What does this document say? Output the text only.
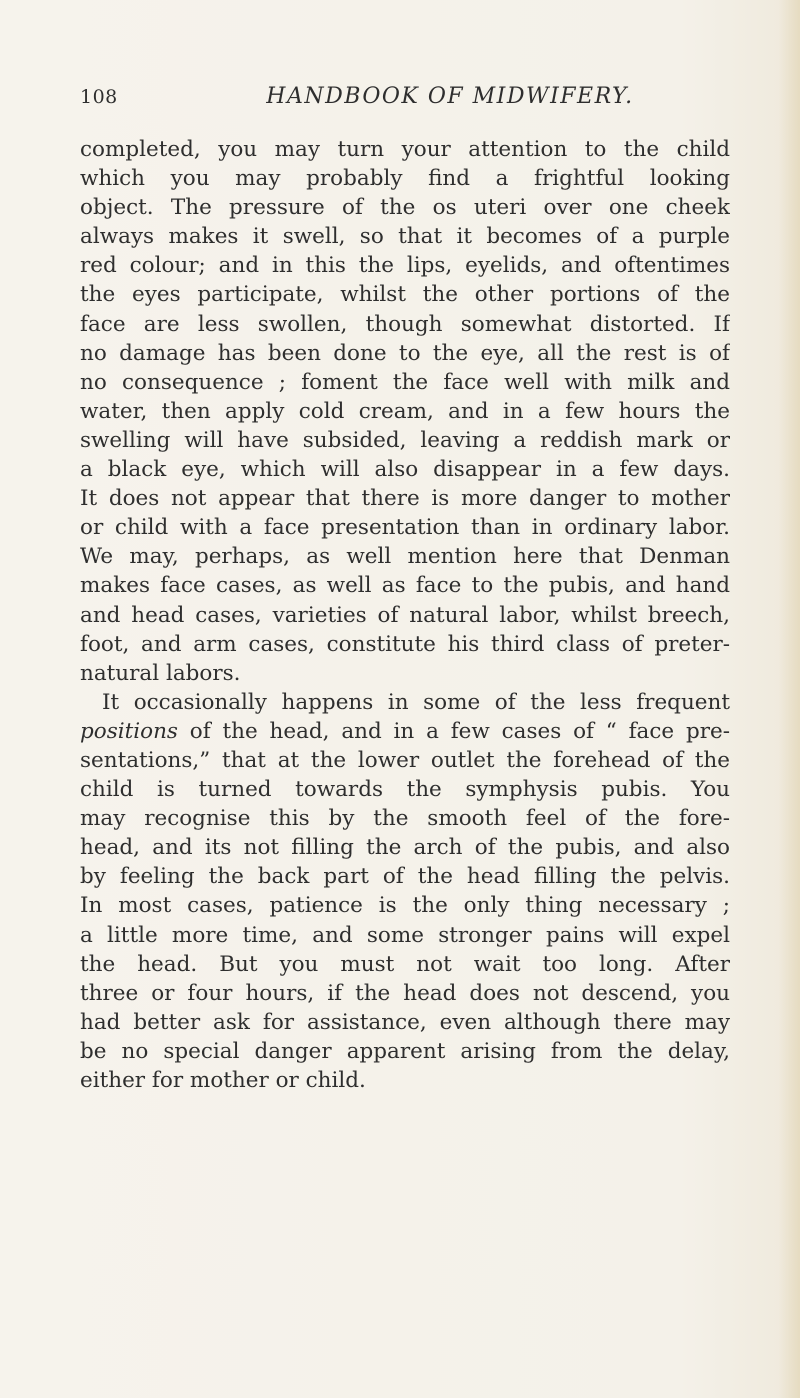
108	HANDBOOK OF MIDWIFERY.
completed, you may turn your attention to the child
which you may probably find a frightful looking
object. The pressure of the os uteri over one cheek
always makes it swell, so that it becomes of a purple
red colour; and in this the lips, eyelids, and oftentimes
the eyes participate, whilst the other portions of the
face are less swollen, though somewhat distorted. If
no damage has been done to the eye, all the rest is of
no consequence ; foment the face well with milk and
water, then apply cold cream, and in a few hours the
swelling will have subsided, leaving a reddish mark or
a black eye, which will also disappear in a few days.
It does not appear that there is more danger to mother
or child with a face presentation than in ordinary labor.
We may, perhaps, as well mention here that Denman
makes face cases, as well as face to the pubis, and hand
and head cases, varieties of natural labor, whilst breech,
foot, and arm cases, constitute his third class of preter-
natural labors.
It occasionally happens in some of the less frequent
positions of the head, and in a few cases of “ face pre-
sentations,” that at the lower outlet the forehead of the
child is turned towards the symphysis pubis. You
may recognise this by the smooth feel of the fore-
head, and its not filling the arch of the pubis, and also
by feeling the back part of the head filling the pelvis.
In most cases, patience is the only thing necessary ;
a little more time, and some stronger pains will expel
the head. But you must not wait too long. After
three or four hours, if the head does not descend, you
had better ask for assistance, even although there may
be no special danger apparent arising from the delay,
either for mother or child.
